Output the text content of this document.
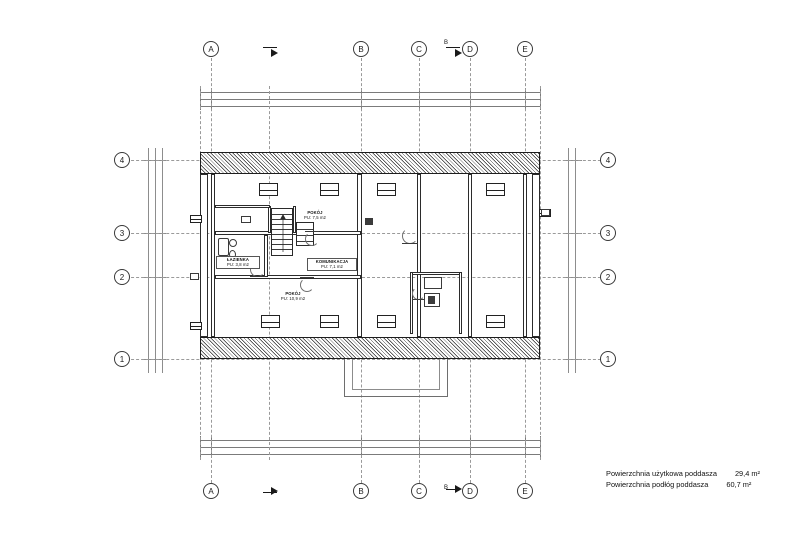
A	B	C	D	E
A	B	C	D	E
4
3
2
1
4
3
2
1
B
B
POKÓJ
PU: 7,5 m2
ŁAZIENKA
PU: 3,8 m2
KOMUNIKACJA
PU: 7,1 m2
POKÓJ
PU: 10,9 m2
Powierzchnia użytkowa poddasza 29,4 m²
Powierzchnia podłóg poddasza 60,7 m²
